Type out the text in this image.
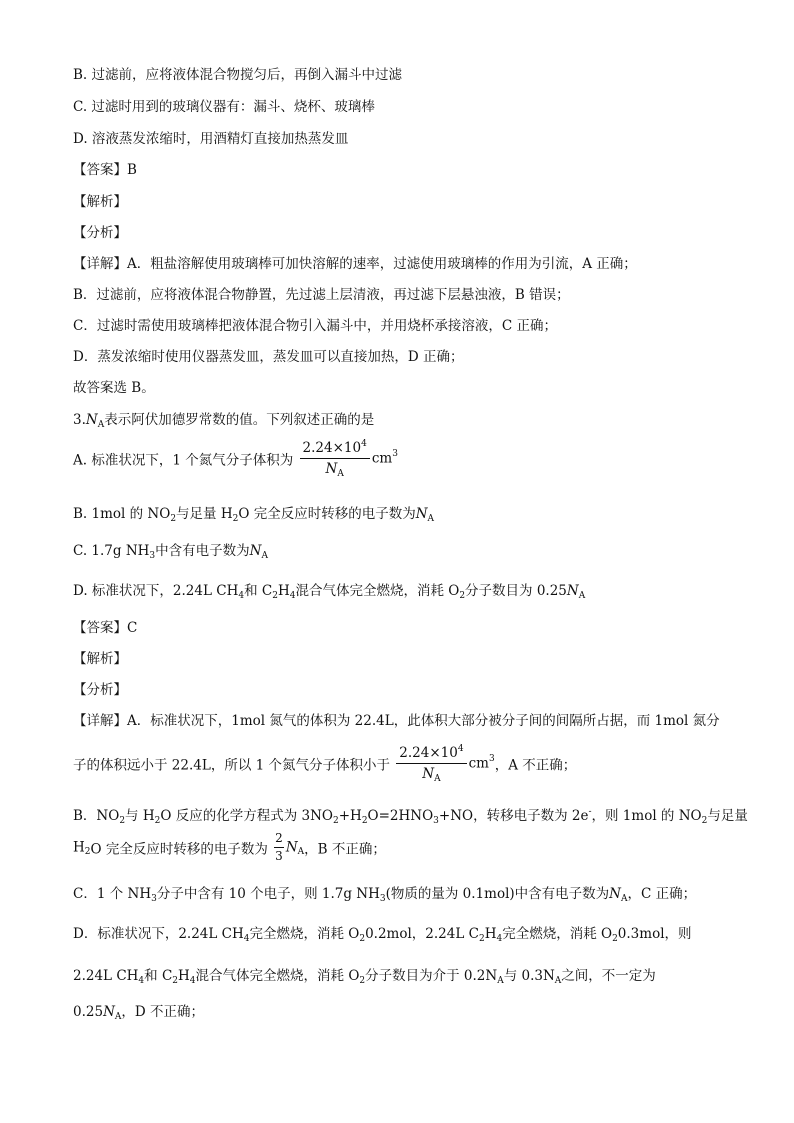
B. 过滤前，应将液体混合物搅匀后，再倒入漏斗中过滤
C. 过滤时用到的玻璃仪器有：漏斗、烧杯、玻璃棒
D. 溶液蒸发浓缩时，用酒精灯直接加热蒸发皿
【答案】B
【解析】
【分析】
【详解】A．粗盐溶解使用玻璃棒可加快溶解的速率，过滤使用玻璃棒的作用为引流，A 正确；
B．过滤前，应将液体混合物静置，先过滤上层清液，再过滤下层悬浊液，B 错误；
C．过滤时需使用玻璃棒把液体混合物引入漏斗中，并用烧杯承接溶液，C 正确；
D．蒸发浓缩时使用仪器蒸发皿，蒸发皿可以直接加热，D 正确；
故答案选 B。
$3.N_A$表示阿伏加德罗常数的值。下列叙述正确的是
A. 标准状况下，1 个氮气分子体积为 $\frac{2.24\times 10^4}{N_A} cm^3$
B. 1mol 的 $NO_2$与足量 $H_2O$ 完全反应时转移的电子数为$N_A$
C. 1.7g $NH_3$中含有电子数为$N_A$
D. 标准状况下，2.24L $CH_4$和 $C_2H_4$混合气体完全燃烧，消耗 $O_2$分子数目为 $0.25N_A$
【答案】C
【解析】
【分析】
【详解】A．标准状况下，1mol 氮气的体积为 22.4L，此体积大部分被分子间的间隔所占据，而 1mol 氮分
子的体积远小于 22.4L，所以 1 个氮气分子体积小于 $\frac{2.24\times 10^4}{N_A} cm^3$，A 不正确；
B．$NO_2$与 $H_2O$ 反应的化学方程式为 $3NO_2+H_2O=2HNO_3+NO$，转移电子数为 2e-，则 1mol 的 $NO_2$与足量
$H_2O$ 完全反应时转移的电子数为 $\frac{2}{3} N_A$，B 不正确；
C．1 个 $NH_3$分子中含有 10 个电子，则 1.7g $NH_3$(物质的量为 0.1mol)中含有电子数为$N_A$，C 正确；
D．标准状况下，2.24L $CH_4$完全燃烧，消耗 $O_20.2mol$，2.24L $C_2H_4$完全燃烧，消耗 $O_20.3mol$，则
2.24L $CH_4$和 $C_2H_4$混合气体完全燃烧，消耗 $O_2$分子数目为介于 $0.2N_A$与 $0.3N_A$之间，不一定为
$0.25N_A$，D 不正确；
